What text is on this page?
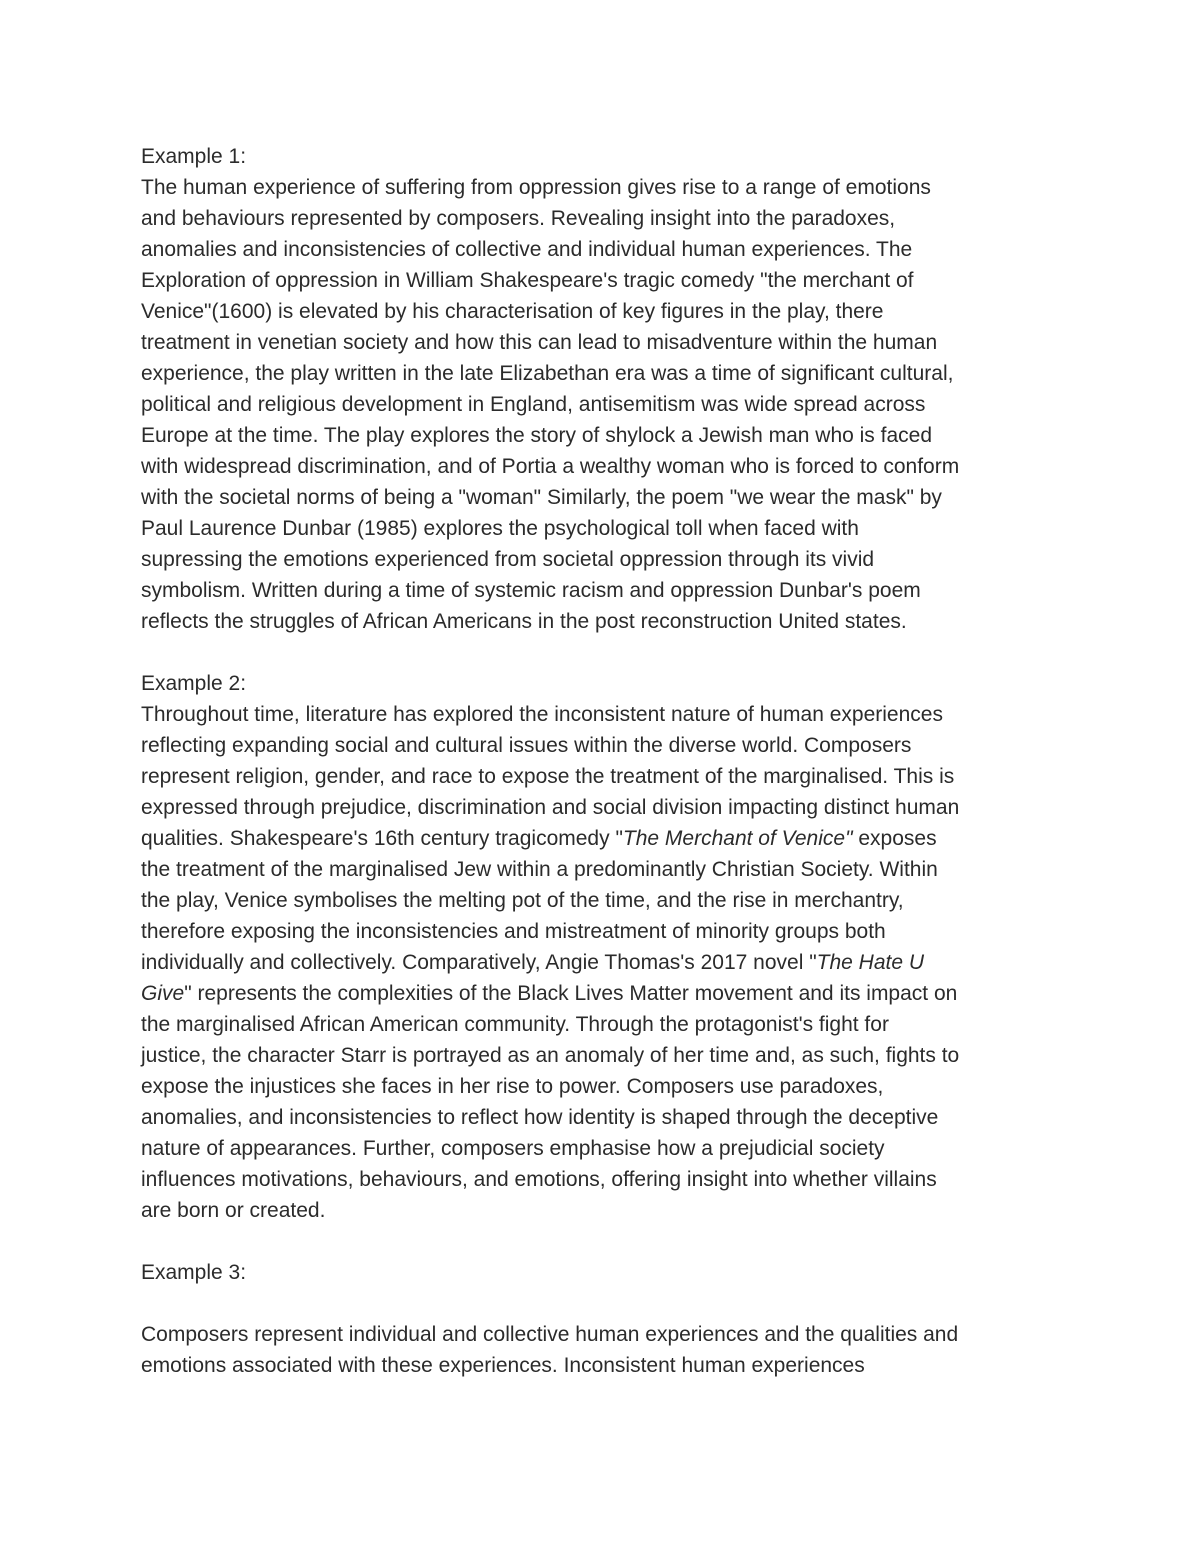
Example 1:
The human experience of suffering from oppression gives rise to a range of emotions
and behaviours represented by composers. Revealing insight into the paradoxes,
anomalies and inconsistencies of collective and individual human experiences. The
Exploration of oppression in William Shakespeare's tragic comedy "the merchant of
Venice"(1600) is elevated by his characterisation of key figures in the play, there
treatment in venetian society and how this can lead to misadventure within the human
experience, the play written in the late Elizabethan era was a time of significant cultural,
political and religious development in England, antisemitism was wide spread across
Europe at the time. The play explores the story of shylock a Jewish man who is faced
with widespread discrimination, and of Portia a wealthy woman who is forced to conform
with the societal norms of being a "woman" Similarly, the poem "we wear the mask" by
Paul Laurence Dunbar (1985) explores the psychological toll when faced with
supressing the emotions experienced from societal oppression through its vivid
symbolism. Written during a time of systemic racism and oppression Dunbar's poem
reflects the struggles of African Americans in the post reconstruction United states.
Example 2:
Throughout time, literature has explored the inconsistent nature of human experiences
reflecting expanding social and cultural issues within the diverse world. Composers
represent religion, gender, and race to expose the treatment of the marginalised. This is
expressed through prejudice, discrimination and social division impacting distinct human
qualities. Shakespeare's 16th century tragicomedy "The Merchant of Venice" exposes
the treatment of the marginalised Jew within a predominantly Christian Society. Within
the play, Venice symbolises the melting pot of the time, and the rise in merchantry,
therefore exposing the inconsistencies and mistreatment of minority groups both
individually and collectively. Comparatively, Angie Thomas's 2017 novel "The Hate U
Give" represents the complexities of the Black Lives Matter movement and its impact on
the marginalised African American community. Through the protagonist's fight for
justice, the character Starr is portrayed as an anomaly of her time and, as such, fights to
expose the injustices she faces in her rise to power. Composers use paradoxes,
anomalies, and inconsistencies to reflect how identity is shaped through the deceptive
nature of appearances. Further, composers emphasise how a prejudicial society
influences motivations, behaviours, and emotions, offering insight into whether villains
are born or created.
Example 3:
Composers represent individual and collective human experiences and the qualities and
emotions associated with these experiences. Inconsistent human experiences
